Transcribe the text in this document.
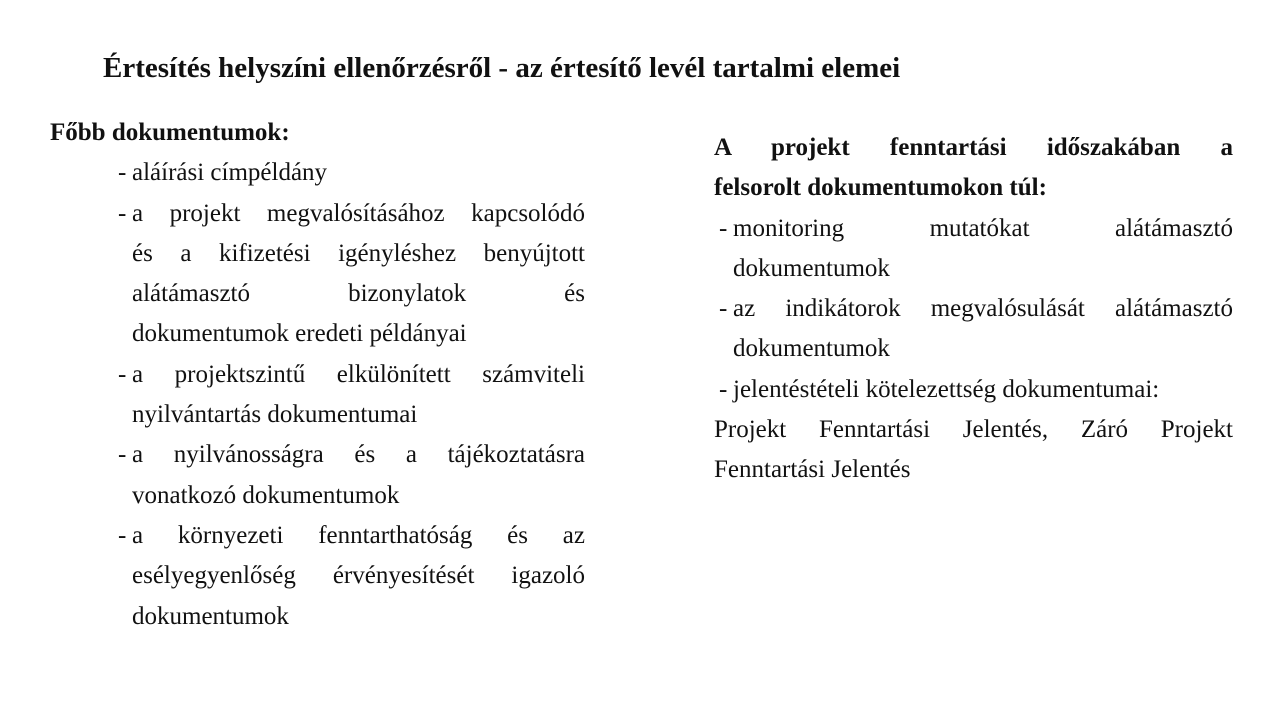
Értesítés helyszíni ellenőrzésről - az értesítő levél tartalmi elemei
Főbb dokumentumok:
- aláírási címpéldány
- a projekt megvalósításához kapcsolódó
és a kifizetési igényléshez benyújtott
alátámasztó bizonylatok és
dokumentumok eredeti példányai
- a projektszintű elkülönített számviteli
nyilvántartás dokumentumai
- a nyilvánosságra és a tájékoztatásra
vonatkozó dokumentumok
- a környezeti fenntarthatóság és az
esélyegyenlőség érvényesítését igazoló
dokumentumok
A projekt fenntartási időszakában a
felsorolt dokumentumokon túl:
- monitoring mutatókat alátámasztó
dokumentumok
- az indikátorok megvalósulását alátámasztó
dokumentumok
- jelentéstételi kötelezettség dokumentumai:
Projekt Fenntartási Jelentés, Záró Projekt
Fenntartási Jelentés
